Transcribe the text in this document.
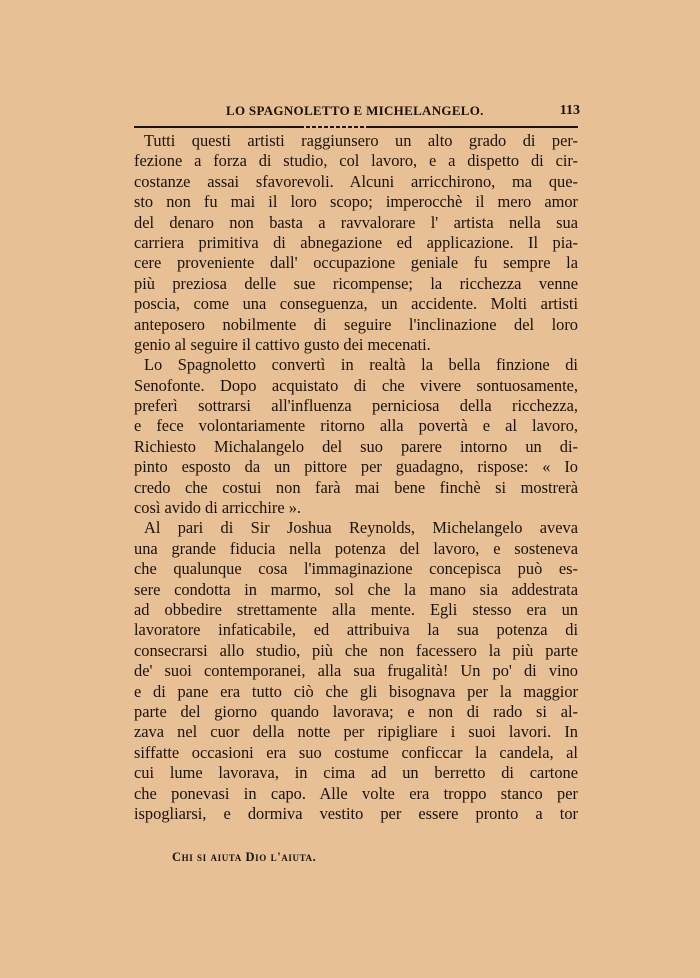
LO SPAGNOLETTO E MICHELANGELO.	113
Tutti questi artisti raggiunsero un alto grado di per-
fezione a forza di studio, col lavoro, e a dispetto di cir-
costanze assai sfavorevoli. Alcuni arricchirono, ma que-
sto non fu mai il loro scopo; imperocchè il mero amor
del denaro non basta a ravvalorare l' artista nella sua
carriera primitiva di abnegazione ed applicazione. Il pia-
cere proveniente dall' occupazione geniale fu sempre la
più preziosa delle sue ricompense; la ricchezza venne
poscia, come una conseguenza, un accidente. Molti artisti
anteposero nobilmente di seguire l'inclinazione del loro
genio al seguire il cattivo gusto dei mecenati.
Lo Spagnoletto convertì in realtà la bella finzione di
Senofonte. Dopo acquistato di che vivere sontuosamente,
preferì sottrarsi all'influenza perniciosa della ricchezza,
e fece volontariamente ritorno alla povertà e al lavoro,
Richiesto Michalangelo del suo parere intorno un di-
pinto esposto da un pittore per guadagno, rispose: « Io
credo che costui non farà mai bene finchè si mostrerà
così avido di arricchire ».
Al pari di Sir Joshua Reynolds, Michelangelo aveva
una grande fiducia nella potenza del lavoro, e sosteneva
che qualunque cosa l'immaginazione concepisca può es-
sere condotta in marmo, sol che la mano sia addestrata
ad obbedire strettamente alla mente. Egli stesso era un
lavoratore infaticabile, ed attribuiva la sua potenza di
consecrarsi allo studio, più che non facessero la più parte
de' suoi contemporanei, alla sua frugalità! Un po' di vino
e di pane era tutto ciò che gli bisognava per la maggior
parte del giorno quando lavorava; e non di rado si al-
zava nel cuor della notte per ripigliare i suoi lavori. In
siffatte occasioni era suo costume conficcar la candela, al
cui lume lavorava, in cima ad un berretto di cartone
che ponevasi in capo. Alle volte era troppo stanco per
ispogliarsi, e dormiva vestito per essere pronto a tor
Chi si aiuta Dio l'aiuta.
